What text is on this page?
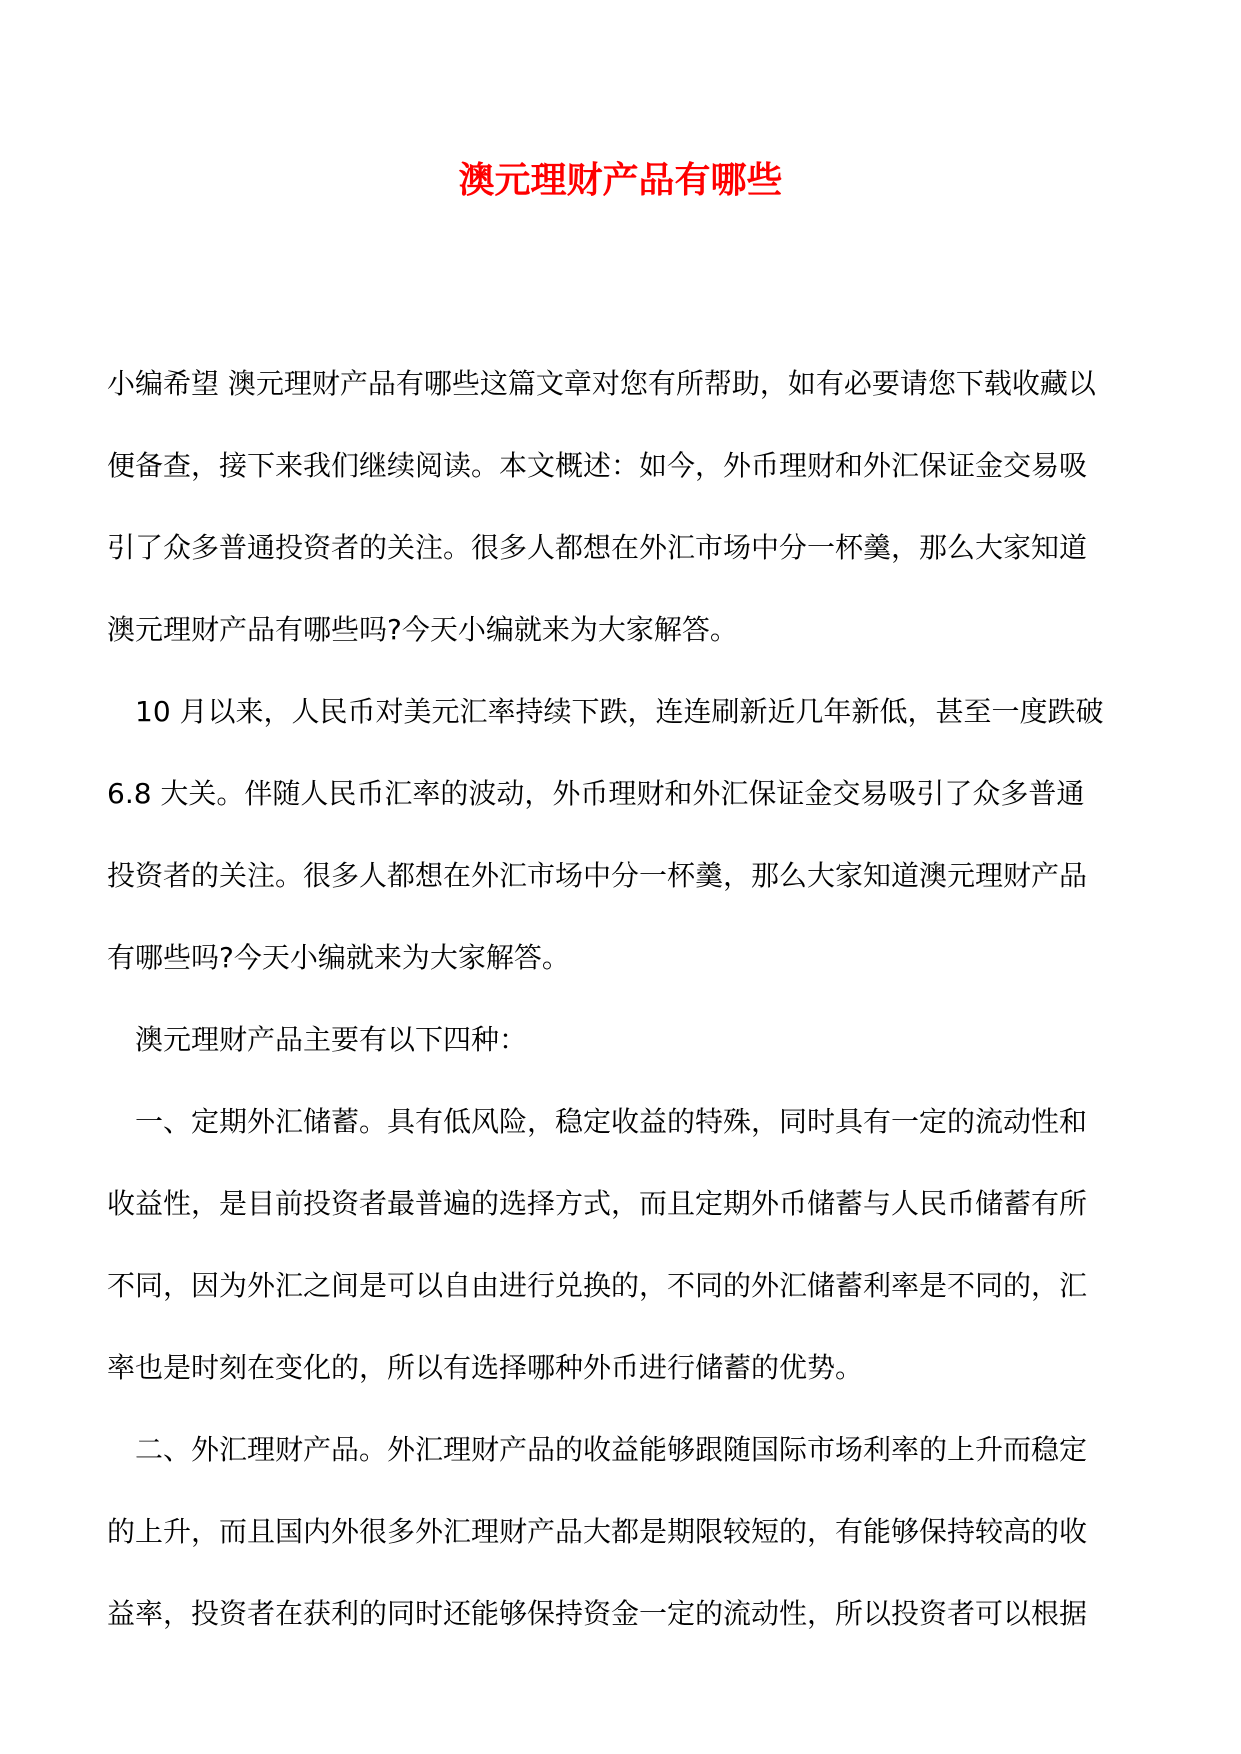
澳元理财产品有哪些
小编希望 澳元理财产品有哪些这篇文章对您有所帮助，如有必要请您下载收藏以
便备查，接下来我们继续阅读。本文概述：如今，外币理财和外汇保证金交易吸
引了众多普通投资者的关注。很多人都想在外汇市场中分一杯羹，那么大家知道
澳元理财产品有哪些吗?今天小编就来为大家解答。
10 月以来，人民币对美元汇率持续下跌，连连刷新近几年新低，甚至一度跌破
6.8 大关。伴随人民币汇率的波动，外币理财和外汇保证金交易吸引了众多普通
投资者的关注。很多人都想在外汇市场中分一杯羹，那么大家知道澳元理财产品
有哪些吗?今天小编就来为大家解答。
澳元理财产品主要有以下四种：
一、定期外汇储蓄。具有低风险，稳定收益的特殊，同时具有一定的流动性和
收益性，是目前投资者最普遍的选择方式，而且定期外币储蓄与人民币储蓄有所
不同，因为外汇之间是可以自由进行兑换的，不同的外汇储蓄利率是不同的，汇
率也是时刻在变化的，所以有选择哪种外币进行储蓄的优势。
二、外汇理财产品。外汇理财产品的收益能够跟随国际市场利率的上升而稳定
的上升，而且国内外很多外汇理财产品大都是期限较短的，有能够保持较高的收
益率，投资者在获利的同时还能够保持资金一定的流动性，所以投资者可以根据
